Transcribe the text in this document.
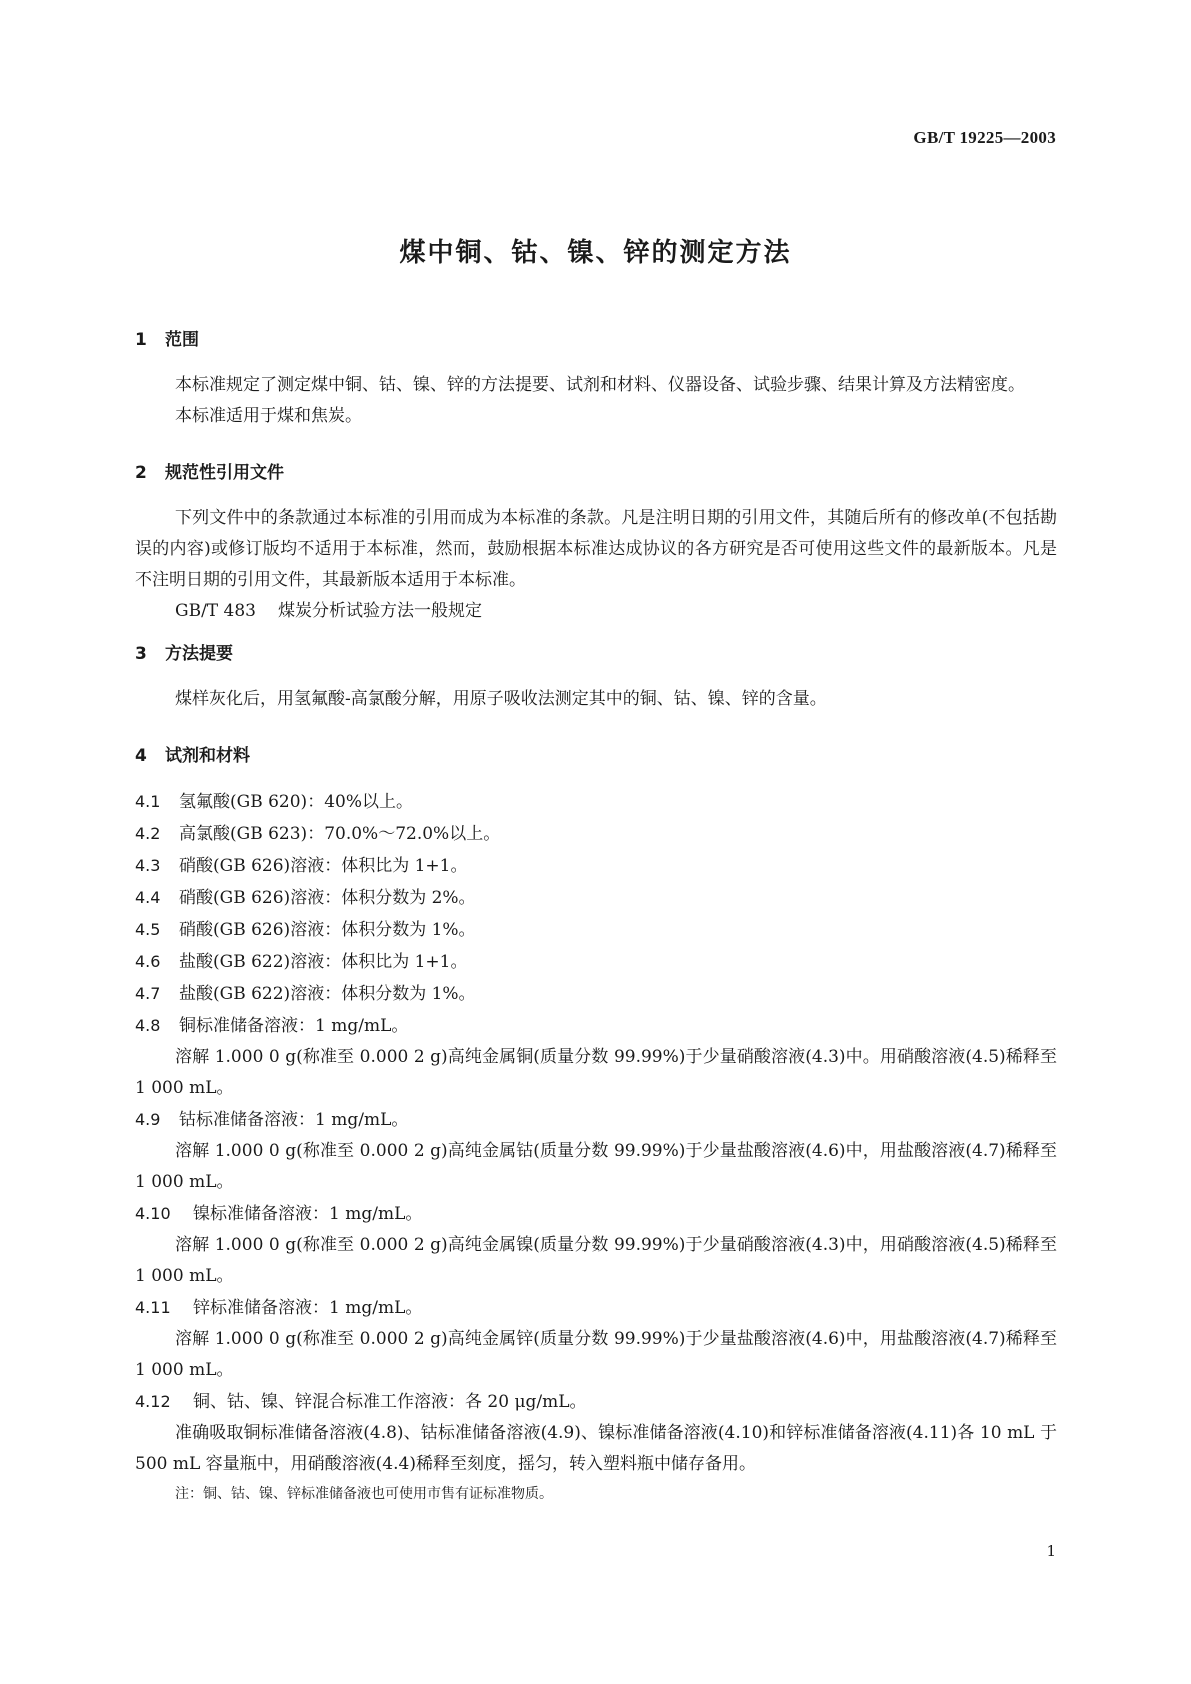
GB/T 19225—2003
煤中铜、钴、镍、锌的测定方法
1 范围

本标准规定了测定煤中铜、钴、镍、锌的方法提要、试剂和材料、仪器设备、试验步骤、结果计算及方法精密度。

本标准适用于煤和焦炭。

2 规范性引用文件

下列文件中的条款通过本标准的引用而成为本标准的条款。凡是注明日期的引用文件，其随后所有的修改单(不包括勘误的内容)或修订版均不适用于本标准，然而，鼓励根据本标准达成协议的各方研究是否可使用这些文件的最新版本。凡是不注明日期的引用文件，其最新版本适用于本标准。

GB/T 483 煤炭分析试验方法一般规定

3 方法提要

煤样灰化后，用氢氟酸-高氯酸分解，用原子吸收法测定其中的铜、钴、镍、锌的含量。

4 试剂和材料

4.1 氢氟酸(GB 620)：40%以上。

4.2 高氯酸(GB 623)：70.0%～72.0%以上。

4.3 硝酸(GB 626)溶液：体积比为 1+1。

4.4 硝酸(GB 626)溶液：体积分数为 2%。

4.5 硝酸(GB 626)溶液：体积分数为 1%。

4.6 盐酸(GB 622)溶液：体积比为 1+1。

4.7 盐酸(GB 622)溶液：体积分数为 1%。

4.8 铜标准储备溶液：1 mg/mL。

溶解 1.000 0 g(称准至 0.000 2 g)高纯金属铜(质量分数 99.99%)于少量硝酸溶液(4.3)中。用硝酸溶液(4.5)稀释至 1 000 mL。

4.9 钴标准储备溶液：1 mg/mL。

溶解 1.000 0 g(称准至 0.000 2 g)高纯金属钴(质量分数 99.99%)于少量盐酸溶液(4.6)中，用盐酸溶液(4.7)稀释至 1 000 mL。

4.10 镍标准储备溶液：1 mg/mL。

溶解 1.000 0 g(称准至 0.000 2 g)高纯金属镍(质量分数 99.99%)于少量硝酸溶液(4.3)中，用硝酸溶液(4.5)稀释至 1 000 mL。

4.11 锌标准储备溶液：1 mg/mL。

溶解 1.000 0 g(称准至 0.000 2 g)高纯金属锌(质量分数 99.99%)于少量盐酸溶液(4.6)中，用盐酸溶液(4.7)稀释至 1 000 mL。

4.12 铜、钴、镍、锌混合标准工作溶液：各 20 μg/mL。

准确吸取铜标准储备溶液(4.8)、钴标准储备溶液(4.9)、镍标准储备溶液(4.10)和锌标准储备溶液(4.11)各 10 mL 于 500 mL 容量瓶中，用硝酸溶液(4.4)稀释至刻度，摇匀，转入塑料瓶中储存备用。

注：铜、钴、镍、锌标准储备液也可使用市售有证标准物质。

1
